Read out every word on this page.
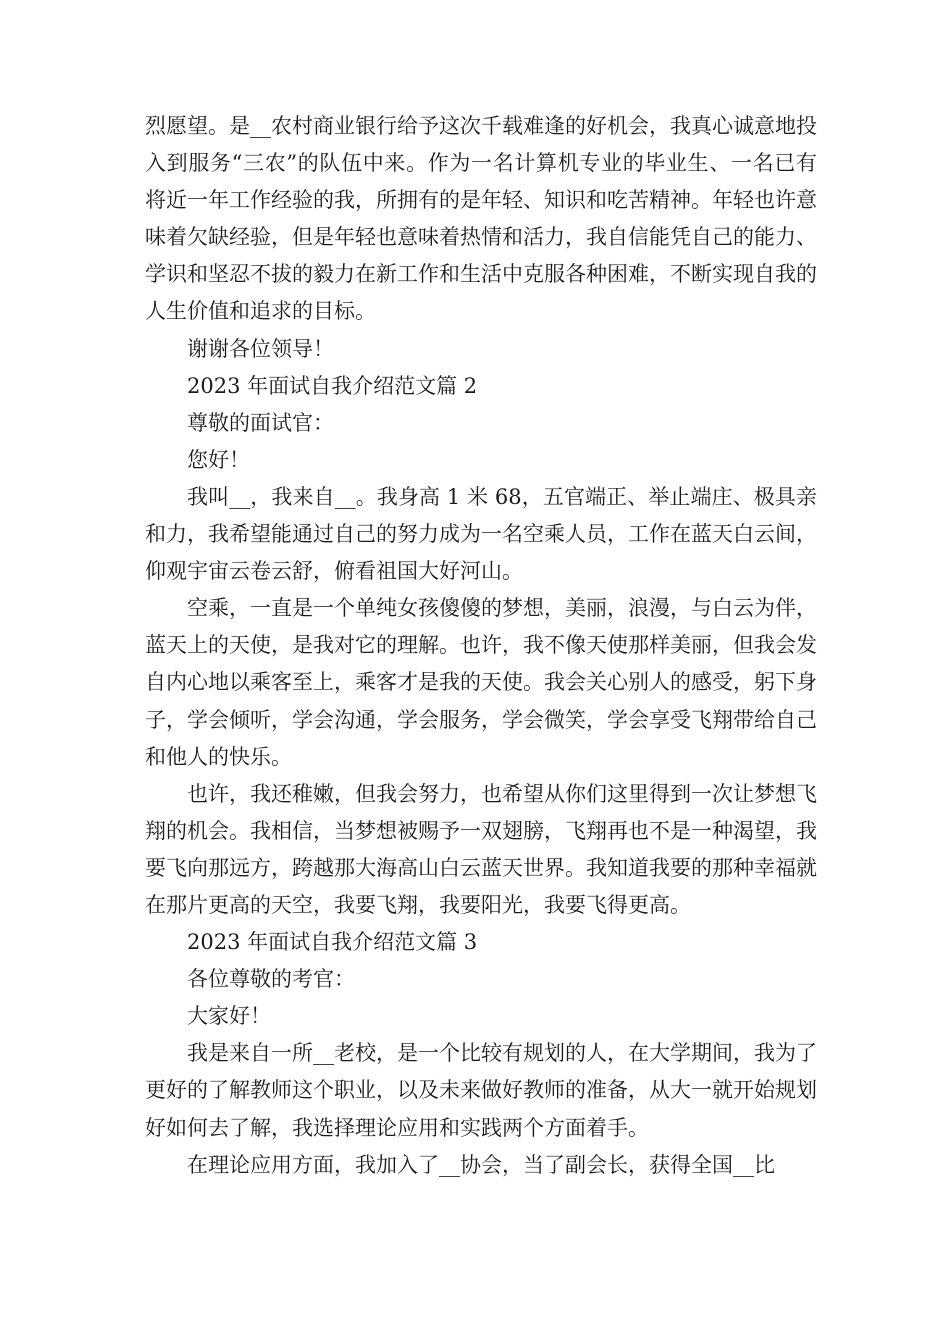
烈愿望。是__农村商业银行给予这次千载难逢的好机会，我真心诚意地投入到服务“三农”的队伍中来。作为一名计算机专业的毕业生、一名已有将近一年工作经验的我，所拥有的是年轻、知识和吃苦精神。年轻也许意味着欠缺经验，但是年轻也意味着热情和活力，我自信能凭自己的能力、学识和坚忍不拔的毅力在新工作和生活中克服各种困难，不断实现自我的人生价值和追求的目标。

谢谢各位领导！

2023 年面试自我介绍范文篇 2

尊敬的面试官：

您好！

我叫__，我来自__。我身高 1 米 68，五官端正、举止端庄、极具亲和力，我希望能通过自己的努力成为一名空乘人员，工作在蓝天白云间，仰观宇宙云卷云舒，俯看祖国大好河山。

空乘，一直是一个单纯女孩傻傻的梦想，美丽，浪漫，与白云为伴，蓝天上的天使，是我对它的理解。也许，我不像天使那样美丽，但我会发自内心地以乘客至上，乘客才是我的天使。我会关心别人的感受，躬下身子，学会倾听，学会沟通，学会服务，学会微笑，学会享受飞翔带给自己和他人的快乐。

也许，我还稚嫩，但我会努力，也希望从你们这里得到一次让梦想飞翔的机会。我相信，当梦想被赐予一双翅膀，飞翔再也不是一种渴望，我要飞向那远方，跨越那大海高山白云蓝天世界。我知道我要的那种幸福就在那片更高的天空，我要飞翔，我要阳光，我要飞得更高。

2023 年面试自我介绍范文篇 3

各位尊敬的考官：

大家好！

我是来自一所__老校，是一个比较有规划的人，在大学期间，我为了更好的了解教师这个职业，以及未来做好教师的准备，从大一就开始规划好如何去了解，我选择理论应用和实践两个方面着手。

在理论应用方面，我加入了__协会，当了副会长，获得全国__比
